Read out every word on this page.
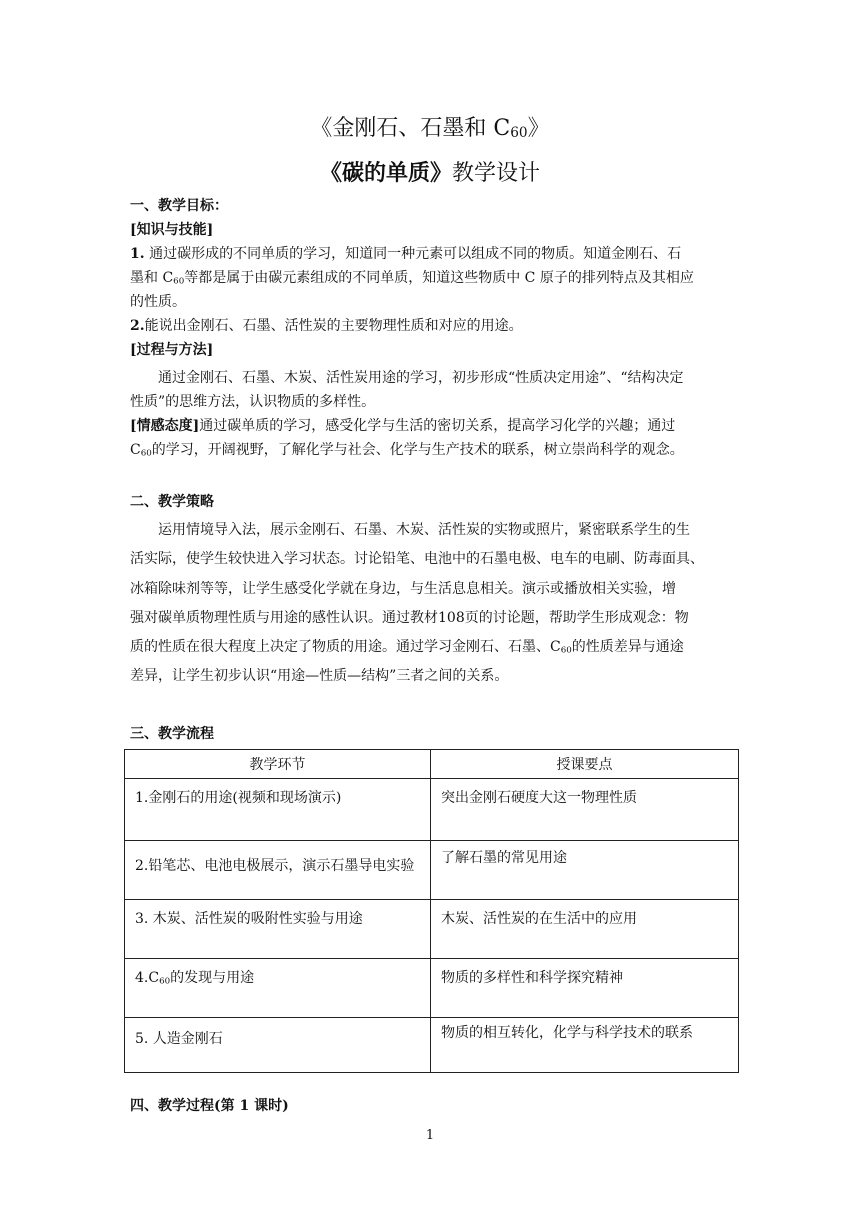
《金刚石、石墨和 $C_{60}$》
《碳的单质》教学设计
一、教学目标：
[知识与技能]
1. 通过碳形成的不同单质的学习，知道同一种元素可以组成不同的物质。知道金刚石、石
墨和 $C_{60}$等都是属于由碳元素组成的不同单质，知道这些物质中 C 原子的排列特点及其相应
的性质。
2.能说出金刚石、石墨、活性炭的主要物理性质和对应的用途。
[过程与方法]
通过金刚石、石墨、木炭、活性炭用途的学习，初步形成“性质决定用途”、“结构决定
性质”的思维方法，认识物质的多样性。
[情感态度]通过碳单质的学习，感受化学与生活的密切关系，提高学习化学的兴趣；通过
$C_{60}$的学习，开阔视野，了解化学与社会、化学与生产技术的联系，树立崇尚科学的观念。
二、教学策略
运用情境导入法，展示金刚石、石墨、木炭、活性炭的实物或照片，紧密联系学生的生
活实际，使学生较快进入学习状态。讨论铅笔、电池中的石墨电极、电车的电刷、防毒面具、
冰箱除味剂等等，让学生感受化学就在身边，与生活息息相关。演示或播放相关实验，增
强对碳单质物理性质与用途的感性认识。通过教材108页的讨论题，帮助学生形成观念：物
质的性质在很大程度上决定了物质的用途。通过学习金刚石、石墨、$C_{60}$的性质差异与通途
差异，让学生初步认识“用途—性质—结构”三者之间的关系。
三、教学流程
教学环节	授课要点
1.金刚石的用途(视频和现场演示)	突出金刚石硬度大这一物理性质
2.铅笔芯、电池电极展示，演示石墨导电实验	了解石墨的常见用途
3. 木炭、活性炭的吸附性实验与用途	木炭、活性炭的在生活中的应用
$4.C_{60}$的发现与用途	物质的多样性和科学探究精神
5. 人造金刚石	物质的相互转化，化学与科学技术的联系
四、教学过程(第 1 课时)
1
